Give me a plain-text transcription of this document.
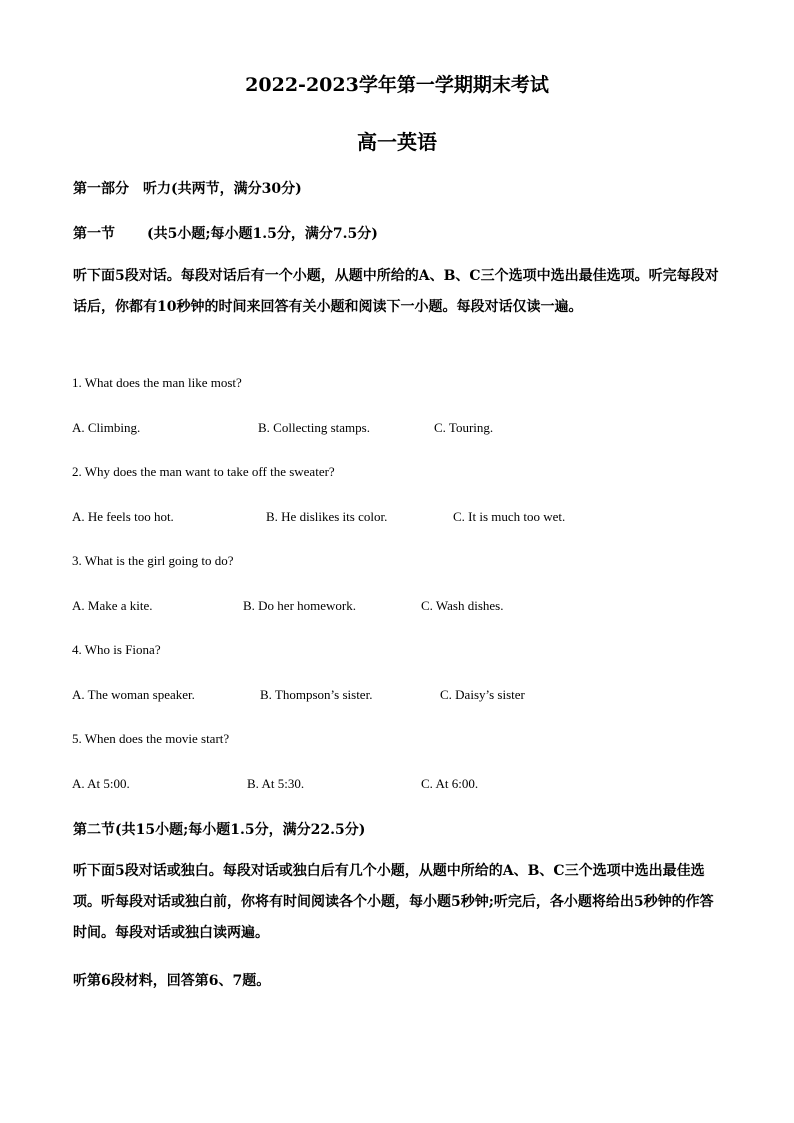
2022-2023学年第一学期期末考试
高一英语
第一部分　听力(共两节，满分30分)
第一节 (共5小题;每小题1.5分，满分7.5分)

听下面5段对话。每段对话后有一个小题，从题中所给的A、B、C三个选项中选出最佳选项。听完每段对话后，你都有10秒钟的时间来回答有关小题和阅读下一小题。每段对话仅读一遍。

1. What does the man like most?
A. Climbing.	B. Collecting stamps.	C. Touring.
2. Why does the man want to take off the sweater?
A. He feels too hot.	B. He dislikes its color.	C. It is much too wet.
3. What is the girl going to do?
A. Make a kite.	B. Do her homework.	C. Wash dishes.
4. Who is Fiona?
A. The woman speaker.	B. Thompson’s sister.	C. Daisy’s sister
5. When does the movie start?
A. At 5:00.	B. At 5:30.	C. At 6:00.
第二节(共15小题;每小题1.5分，满分22.5分)

听下面5段对话或独白。每段对话或独白后有几个小题，从题中所给的A、B、C三个选项中选出最佳选项。听每段对话或独白前，你将有时间阅读各个小题，每小题5秒钟;听完后，各小题将给出5秒钟的作答时间。每段对话或独白读两遍。

听第6段材料，回答第6、7题。
